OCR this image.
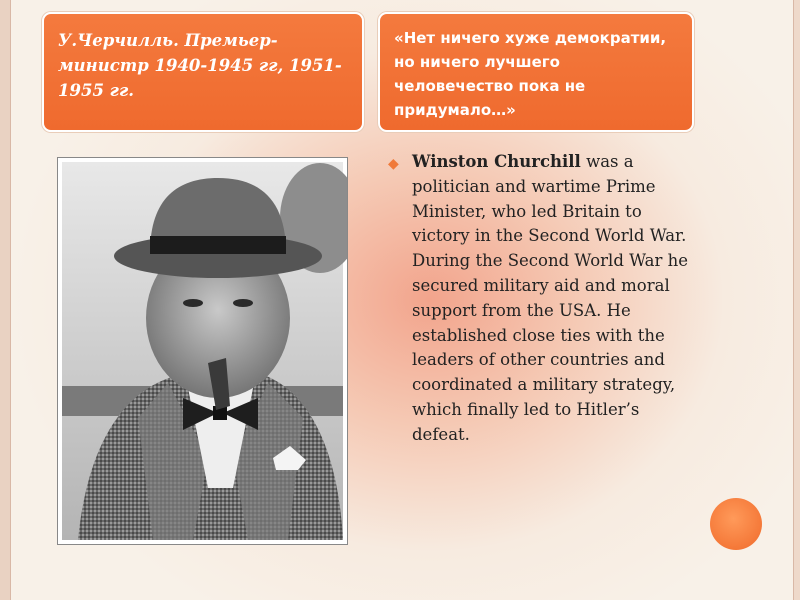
У.Черчилль. Премьер-министр 1940-1945 гг, 1951-1955 гг.
«Нет ничего хуже демократии, но ничего лучшего человечество пока не придумало…»
◆ Winston Churchill was a politician and wartime Prime Minister, who led Britain to victory in the Second World War. During the Second World War he secured military aid and moral support from the USA. He established close ties with the leaders of other countries and coordinated a military strategy, which finally led to Hitler’s defeat.
